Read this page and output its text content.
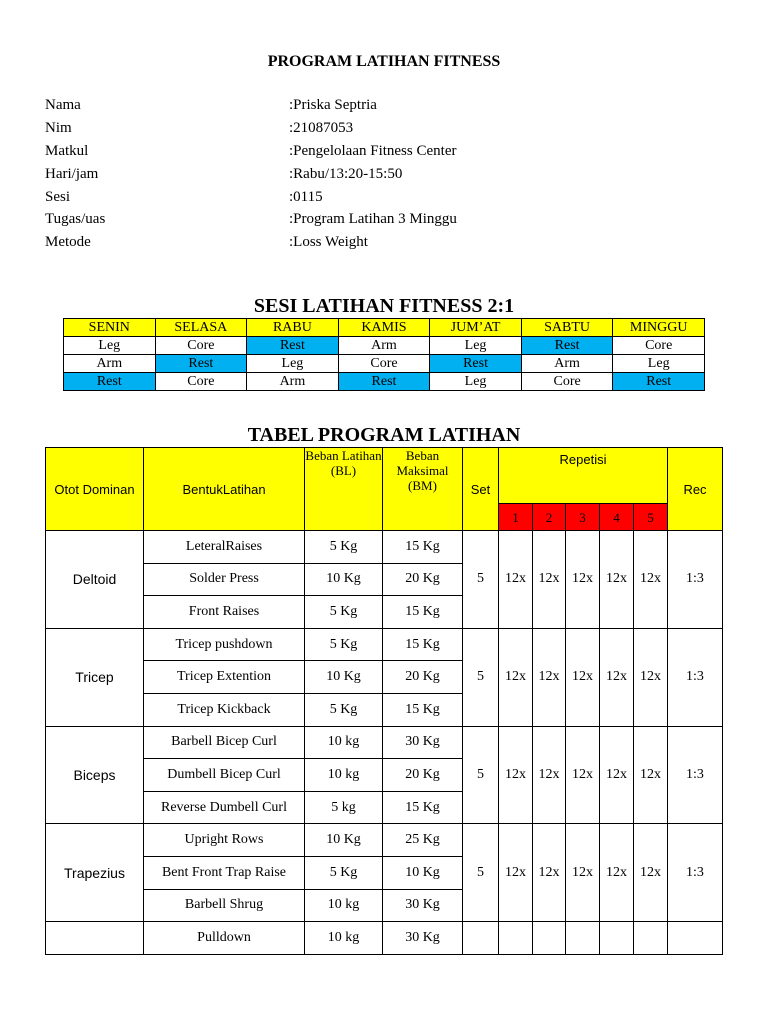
PROGRAM LATIHAN FITNESS
Nama	:Priska Septria
Nim	:21087053
Matkul	:Pengelolaan Fitness Center
Hari/jam	:Rabu/13:20-15:50
Sesi	:0115
Tugas/uas	:Program Latihan 3 Minggu
Metode	:Loss Weight
SESI LATIHAN FITNESS 2:1
SENIN	SELASA	RABU	KAMIS	JUM’AT	SABTU	MINGGU
Leg	Core	Rest	Arm	Leg	Rest	Core
Arm	Rest	Leg	Core	Rest	Arm	Leg
Rest	Core	Arm	Rest	Leg	Core	Rest
TABEL PROGRAM LATIHAN
Otot Dominan	BentukLatihan	Beban Latihan (BL)	Beban Maksimal (BM)	Set	Repetisi					Rec
					1	2	3	4	5	
Deltoid	LeteralRaises	5 Kg	15 Kg	5	12x	12x	12x	12x	12x	1:3
	Solder Press	10 Kg	20 Kg							
	Front Raises	5 Kg	15 Kg							
Tricep	Tricep pushdown	5 Kg	15 Kg	5	12x	12x	12x	12x	12x	1:3
	Tricep Extention	10 Kg	20 Kg							
	Tricep Kickback	5 Kg	15 Kg							
Biceps	Barbell Bicep Curl	10 kg	30 Kg	5	12x	12x	12x	12x	12x	1:3
	Dumbell Bicep Curl	10 kg	20 Kg							
	Reverse Dumbell Curl	5 kg	15 Kg							
Trapezius	Upright Rows	10 Kg	25 Kg	5	12x	12x	12x	12x	12x	1:3
	Bent Front Trap Raise	5 Kg	10 Kg							
	Barbell Shrug	10 kg	30 Kg							
	Pulldown	10 kg	30 Kg							
